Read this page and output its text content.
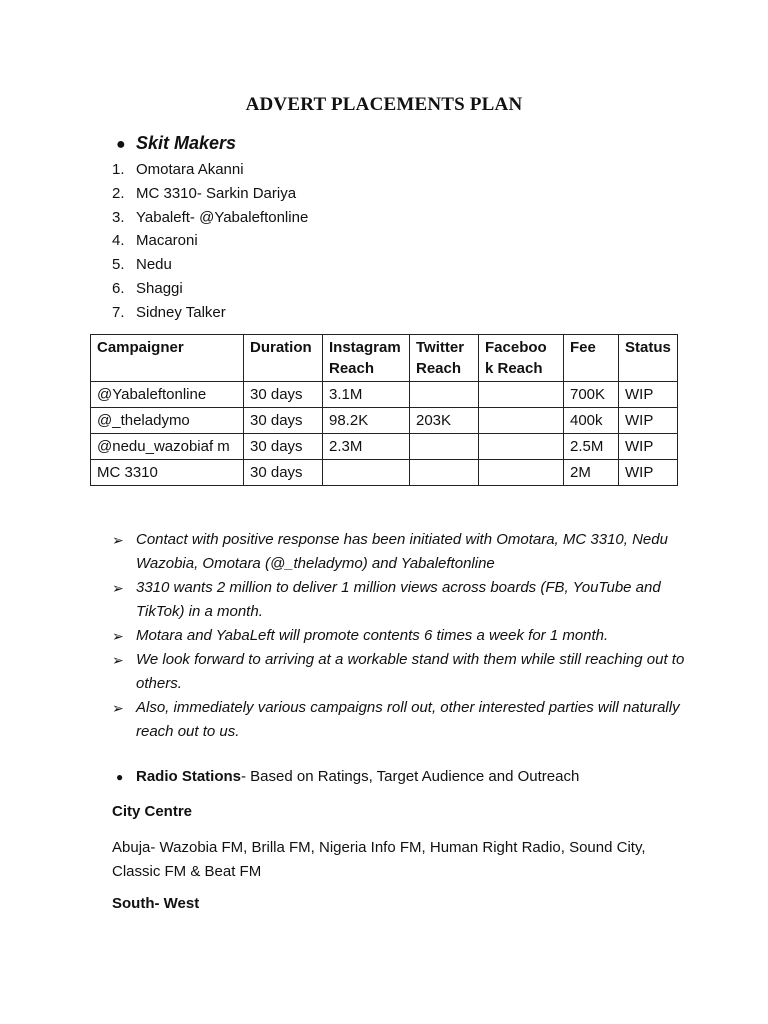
ADVERT PLACEMENTS PLAN
● Skit Makers
1. Omotara Akanni
2. MC 3310- Sarkin Dariya
3. Yabaleft- @Yabaleftonline
4. Macaroni
5. Nedu
6. Shaggi
7. Sidney Talker
Campaigner	Duration	Instagram Reach	Twitter Reach	Faceboo k Reach	Fee	Status
@Yabaleftonline	30 days	3.1M			700K	WIP
@_theladymo	30 days	98.2K	203K		400k	WIP
@nedu_wazobiaf m	30 days	2.3M			2.5M	WIP
MC 3310	30 days				2M	WIP
➢ Contact with positive response has been initiated with Omotara, MC 3310, Nedu Wazobia, Omotara (@_theladymo) and Yabaleftonline
➢ 3310 wants 2 million to deliver 1 million views across boards (FB, YouTube and TikTok) in a month.
➢ Motara and YabaLeft will promote contents 6 times a week for 1 month.
➢ We look forward to arriving at a workable stand with them while still reaching out to others.
➢ Also, immediately various campaigns roll out, other interested parties will naturally reach out to us.
● Radio Stations- Based on Ratings, Target Audience and Outreach
City Centre
Abuja- Wazobia FM, Brilla FM, Nigeria Info FM, Human Right Radio, Sound City, Classic FM & Beat FM
South- West
